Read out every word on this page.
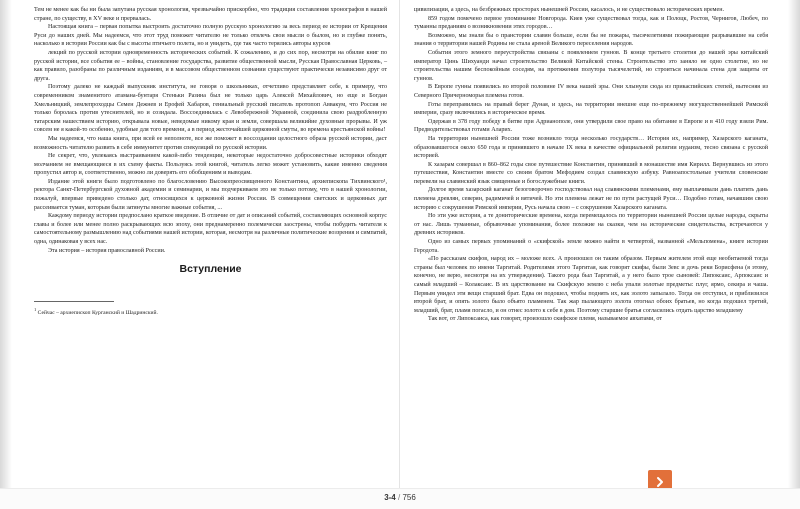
Тем не менее как бы ни была запутана русская хронология, чрезвычайно прискорбно, что традиция составления хронографов в нашей стране, по существу, в XV веке и прервалась.

Настоящая книга – первая попытка выстроить достаточно полную русскую хронологию за весь период ее истории от Крещения Руси до наших дней. Мы надеемся, что этот труд поможет читателю не только отвлечь свои мысли о былом, но и глубже понять, насколько в истории России как бы с высоты птичьего полета, но и увидеть, где так часто терялись авторы курсов

лекций по русской истории одновременность исторических событий. К сожалению, и до сих пор, несмотря на обилие книг по русской истории, все события ее – войны, становление государства, развитие общественной мысли, Русская Православная Церковь, – как правило, разобраны по различным изданиям, и в массовом общественном сознании существуют практически независимо друг от друга.

Поэтому далеко не каждый выпускник института, не говоря о школьниках, отчетливо представляет себе, к примеру, что современником знаменитого атамана-бунтаря Стеньки Разина был не только царь Алексей Михайлович, но еще и Богдан Хмельницкий, землепроходцы Семен Дежнев и Ерофей Хабаров, гениальный русский писатель протопоп Аввакум, что Россия не только боролась против утеснителей, но и созидала. Воссоединилась с Левобережной Украиной, соединила свою раздробленную татарским нашествием историю, открывала новые, неведомые никому края и земли, совершала великийие духовные прорывы. И уж совсем не я какой-то особенно, удобные для того времени, а в период жесточайшей церковной смуты, во времена крестьянской войны!

Мы надеемся, что наша книга, при всей ее неполноте, все же поможет в воссоздании целостного образа русской истории, даст возможность читателю развить в себе иммунитет против спекуляций по русской истории.

Не секрет, что, увлекаясь выстраиванием какой-либо тенденции, некоторые недостаточно добросовестные историки обходят молчанием не вмещающиеся в их схему факты. Пользуясь этой книгой, читатель легко может установить, какие именно сведения пропустил автор и, соответственно, можно ли доверять его обобщениям и выводам.

Издание этой книги было подготовлено по благословению Высокопреосвященного Константина, архиепископа Тихвинского¹, ректора Санкт-Петербургской духовной академии и семинарии, и мы подчеркиваем это не только потому, что в нашей хронологии, пожалуй, впервые приведено столько дат, относящихся к церковной жизни России. В совмещении светских и церковных дат рассеивается туман, которым были затянуты многие важные события, ...

Каждому периоду истории предпослано краткое введение. В отличие от дат и описаний событий, составляющих основной корпус главы и более или менее полно раскрывающих всю эпоху, они преднамеренно полемически заострены, чтобы побудить читателя к самостоятельному размышлению над событиями нашей истории, которая, несмотря на различные политические воззрения и симпатий, одна, одинаковая у всех нас.

Эта история – история православной России.

Вступление

$^1$ Сейчас – архиепископ Курганский и Шадринский.

цивилизации, а здесь, на безбрежных просторах нынешней России, касалось, и не существовало исторических времен.

859 годом помечено первое упоминание Новгорода. Киев уже существовал тогда, как и Полоцк, Ростов, Чернигов, Любеч, по туманны преданиям о возникновении этих городов…

Возможно, мы знали бы о пранстории славян больше, если бы не пожары, тысячелетиями пожирающие разрывавшие на себя знания о территории нашей Родины не стала ареной Великого переселения народов.

События этого земного переустройства связаны с появлением гуннов. В конце третьего столетия до нашей эры китайский император Цинь Шихуанди начал строительство Великой Китайской стены. Строительство это заняло не одно столетие, но не строительства нашим беспокойным соседям, на протяжении полутора тысячелетий, но строиться начинала стена для защиты от гуннов.

В Европе гунны появились во второй половине IV века нашей эры. Они хлынули сюда из прикаспийских степей, вытесняя из Северного Причерноморья племена готов.

Готы переправились на правый берег Дуная, и здесь, на территории внешне еще по-прежнему могущественнейшей Римской империи, сразу включились в историческое время.

Одержав в 378 году победу в битве при Адрианополе, они утвердили свое право на обитание в Европе и в 410 году взяли Рим. Предводительствовал готами Аларих.

На территории нынешней России тоже возникло тогда несколько государств… История их, например, Хазарского каганата, образовавшегося около 650 года и принявшего в начале IX века в качестве официальной религии иудаизм, тесно связана с русской историей.

К хазарам совершал в 860–862 годы свое путешествие Константин, принявший в монашестве имя Кирилл. Вернувшись из этого путешествия, Константин вместе со своим братом Мефодием создал славянскую азбуку. Равноапостольные учители словенские перевели на славянский язык священные и богослужебные книги.

Долгое время хазарский каганат безоговорочно господствовал над славянскими племенами, ему выплачивали дань платить дань племена древлян, северян, радимичей и вятичей. Но эти племена лежат не по пути растущей Руси… Подобно готам, начавшим свою историю с сокрушения Римской империи, Русь начала свою – с сокрушения Хазарского каганата.

Но эти уже история, а те дониторические времена, когда перемещалось по территории нынешней России целые народы, скрыты от нас. Лишь туманные, обрывочные упоминания, более похожие на сказки, чем на исторические свидетельства, встречаются у древних историков.

Одно из самых первых упоминаний о «скифской» земле можно найти в четвертой, названной «Мельпомена», книге истории Геродота.

«По рассказам скифов, народ их – моложе всех. А произошел он таким образом. Первым жителем этой еще необитаемой тогда страны был человек по имени Таргитай. Родителями этого Таргитая, как говорят скифы, были Зевс и дочь реки Борисфена (я этому, конечно, не верю, несмотря на их утверждения). Такого рода был Таргитай, а у него было трое сыновей: Липоксаис, Арпоксаис и самый младший – Колаксаис. В их царствование на Скифскую землю с неба упали золотые предметы: плуг, ярмо, секира и чаша. Первым увидел эти вещи старший брат. Едва он подошел, чтобы поднять их, как золото запылало. Тогда он отступил, и приблизился второй брат, и опять золото было объято пламенем. Так жар пылающего золота отогнал обоих братьев, но когда подошел третий, младший, брат, пламя погасло, и он отнес золото к себе в дом. Поэтому старшие братья согласились отдать царство младшему

Так вот, от Липоксаиса, как говорят, произошло скифское племя, называемое авхатами, от

3-4 / 756
